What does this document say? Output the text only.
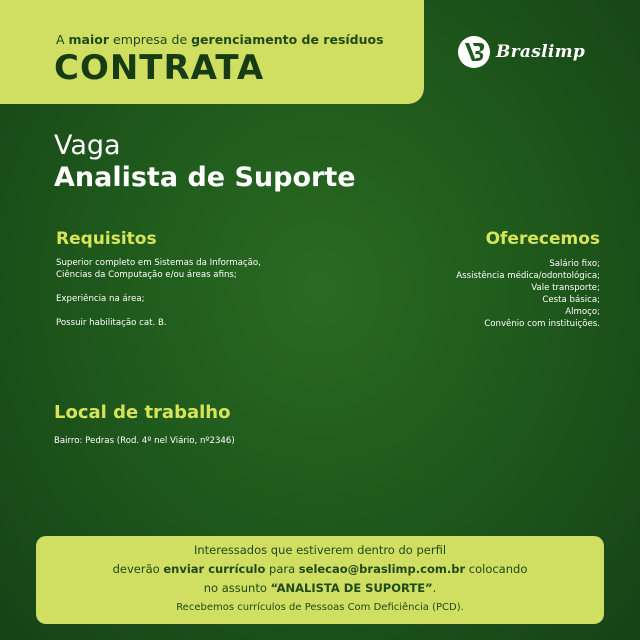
A maior empresa de gerenciamento de resíduos
CONTRATA	Braslimp
Vaga
Analista de Suporte
Requisitos
Superior completo em Sistemas da Informação, Ciências da Computação e/ou áreas afins;
Experiência na área;
Possuir habilitação cat. B.
Oferecemos
Salário fixo;
Assistência médica/odontológica;
Vale transporte;
Cesta básica;
Almoço;
Convênio com instituições.
Local de trabalho
Bairro: Pedras (Rod. 4º nel Viário, nº2346)
Interessados que estiverem dentro do perfil
deverão enviar currículo para selecao@braslimp.com.br colocando
no assunto “ANALISTA DE SUPORTE”.
Recebemos currículos de Pessoas Com Deficiência (PCD).
